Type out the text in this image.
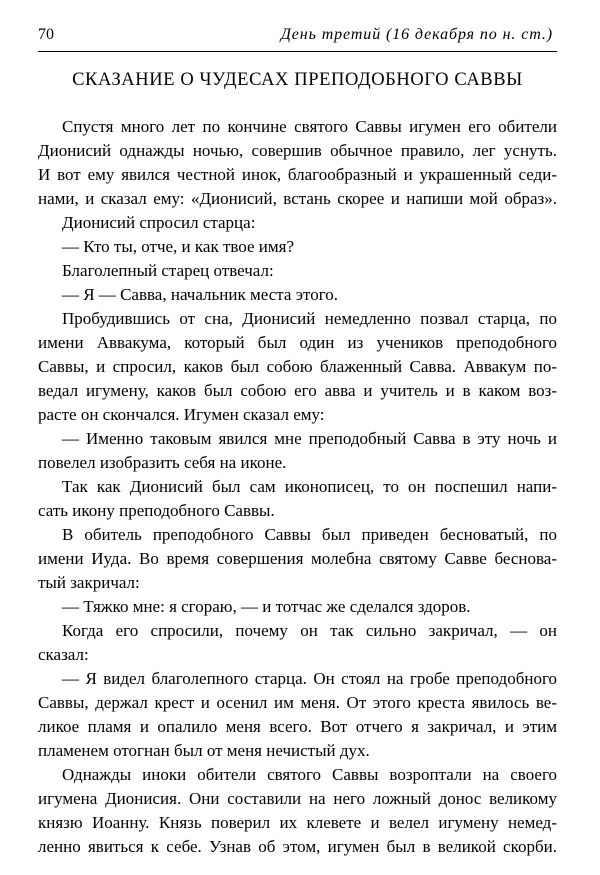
70	День третий (16 декабря по н. ст.)
СКАЗАНИЕ О ЧУДЕСАХ ПРЕПОДОБНОГО САВВЫ
Спустя много лет по кончине святого Саввы игумен его обители
Дионисий однажды ночью, совершив обычное правило, лег уснуть.
И вот ему явился честной инок, благообразный и украшенный седи-
нами, и сказал ему: «Дионисий, встань скорее и напиши мой образ».
Дионисий спросил старца:
— Кто ты, отче, и как твое имя?
Благолепный старец отвечал:
— Я — Савва, начальник места этого.
Пробудившись от сна, Дионисий немедленно позвал старца, по
имени Аввакума, который был один из учеников преподобного
Саввы, и спросил, каков был собою блаженный Савва. Аввакум по-
ведал игумену, каков был собою его авва и учитель и в каком воз-
расте он скончался. Игумен сказал ему:
— Именно таковым явился мне преподобный Савва в эту ночь и
повелел изобразить себя на иконе.
Так как Дионисий был сам иконописец, то он поспешил напи-
сать икону преподобного Саввы.
В обитель преподобного Саввы был приведен бесноватый, по
имени Иуда. Во время совершения молебна святому Савве беснова-
тый закричал:
— Тяжко мне: я сгораю, — и тотчас же сделался здоров.
Когда его спросили, почему он так сильно закричал, — он
сказал:
— Я видел благолепного старца. Он стоял на гробе преподобного
Саввы, держал крест и осенил им меня. От этого креста явилось ве-
ликое пламя и опалило меня всего. Вот отчего я закричал, и этим
пламенем отогнан был от меня нечистый дух.
Однажды иноки обители святого Саввы возроптали на своего
игумена Дионисия. Они составили на него ложный донос великому
князю Иоанну. Князь поверил их клевете и велел игумену немед-
ленно явиться к себе. Узнав об этом, игумен был в великой скорби.
